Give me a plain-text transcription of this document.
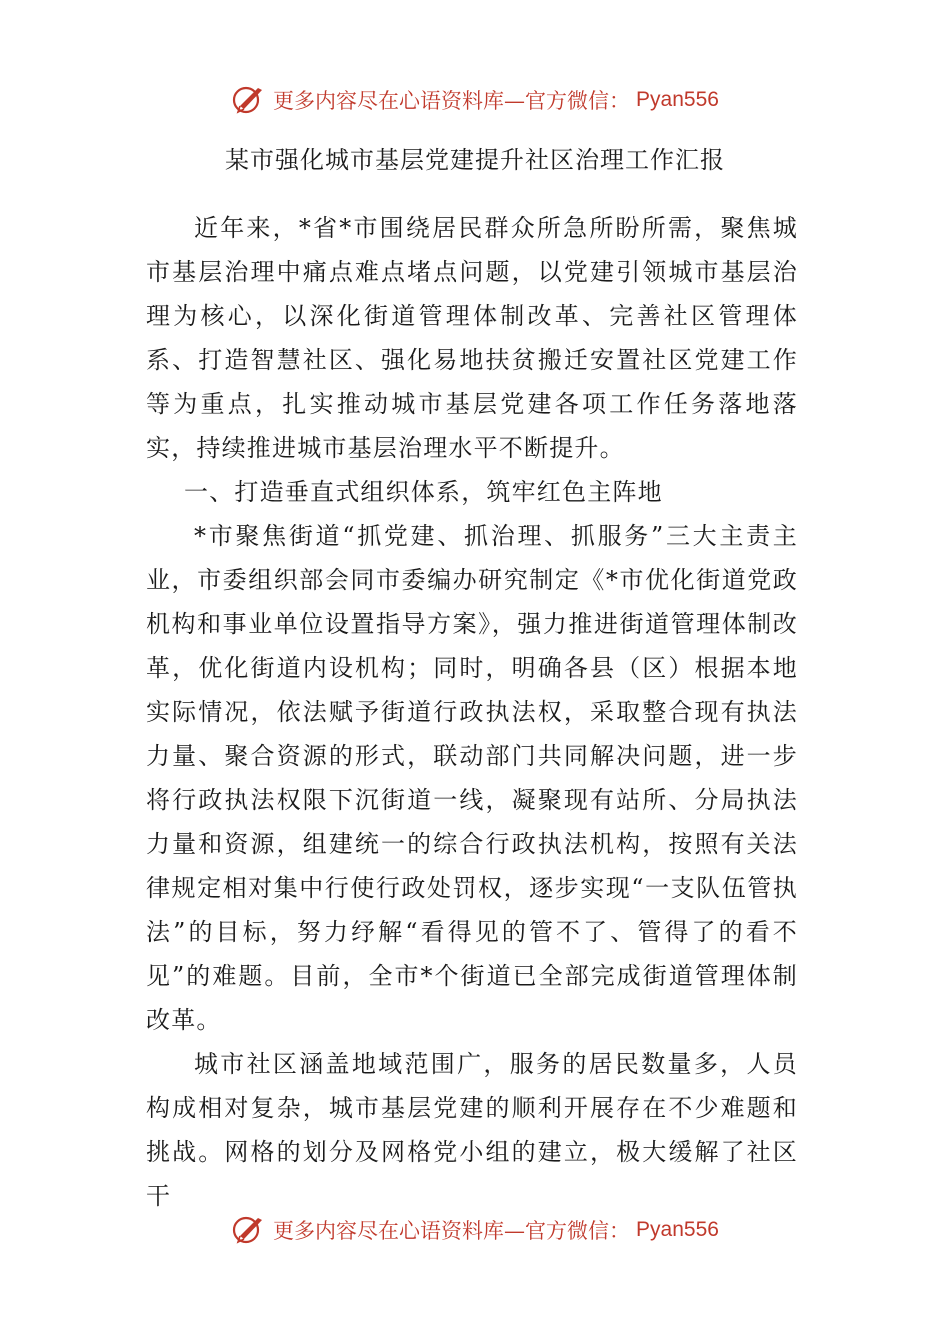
更多内容尽在心语资料库—官方微信： Pyan556
某市强化城市基层党建提升社区治理工作汇报

近年来，*省*市围绕居民群众所急所盼所需，聚焦城市基层治理中痛点难点堵点问题，以党建引领城市基层治理为核心，以深化街道管理体制改革、完善社区管理体系、打造智慧社区、强化易地扶贫搬迁安置社区党建工作等为重点，扎实推动城市基层党建各项工作任务落地落实，持续推进城市基层治理水平不断提升。

一、打造垂直式组织体系，筑牢红色主阵地

*市聚焦街道“抓党建、抓治理、抓服务”三大主责主业，市委组织部会同市委编办研究制定《*市优化街道党政机构和事业单位设置指导方案》，强力推进街道管理体制改革，优化街道内设机构；同时，明确各县（区）根据本地实际情况，依法赋予街道行政执法权，采取整合现有执法力量、聚合资源的形式，联动部门共同解决问题，进一步将行政执法权限下沉街道一线，凝聚现有站所、分局执法力量和资源，组建统一的综合行政执法机构，按照有关法律规定相对集中行使行政处罚权，逐步实现“一支队伍管执法”的目标，努力纾解“看得见的管不了、管得了的看不见”的难题。目前，全市*个街道已全部完成街道管理体制改革。

城市社区涵盖地域范围广，服务的居民数量多，人员构成相对复杂，城市基层党建的顺利开展存在不少难题和挑战。网格的划分及网格党小组的建立，极大缓解了社区干

更多内容尽在心语资料库—官方微信： Pyan556
